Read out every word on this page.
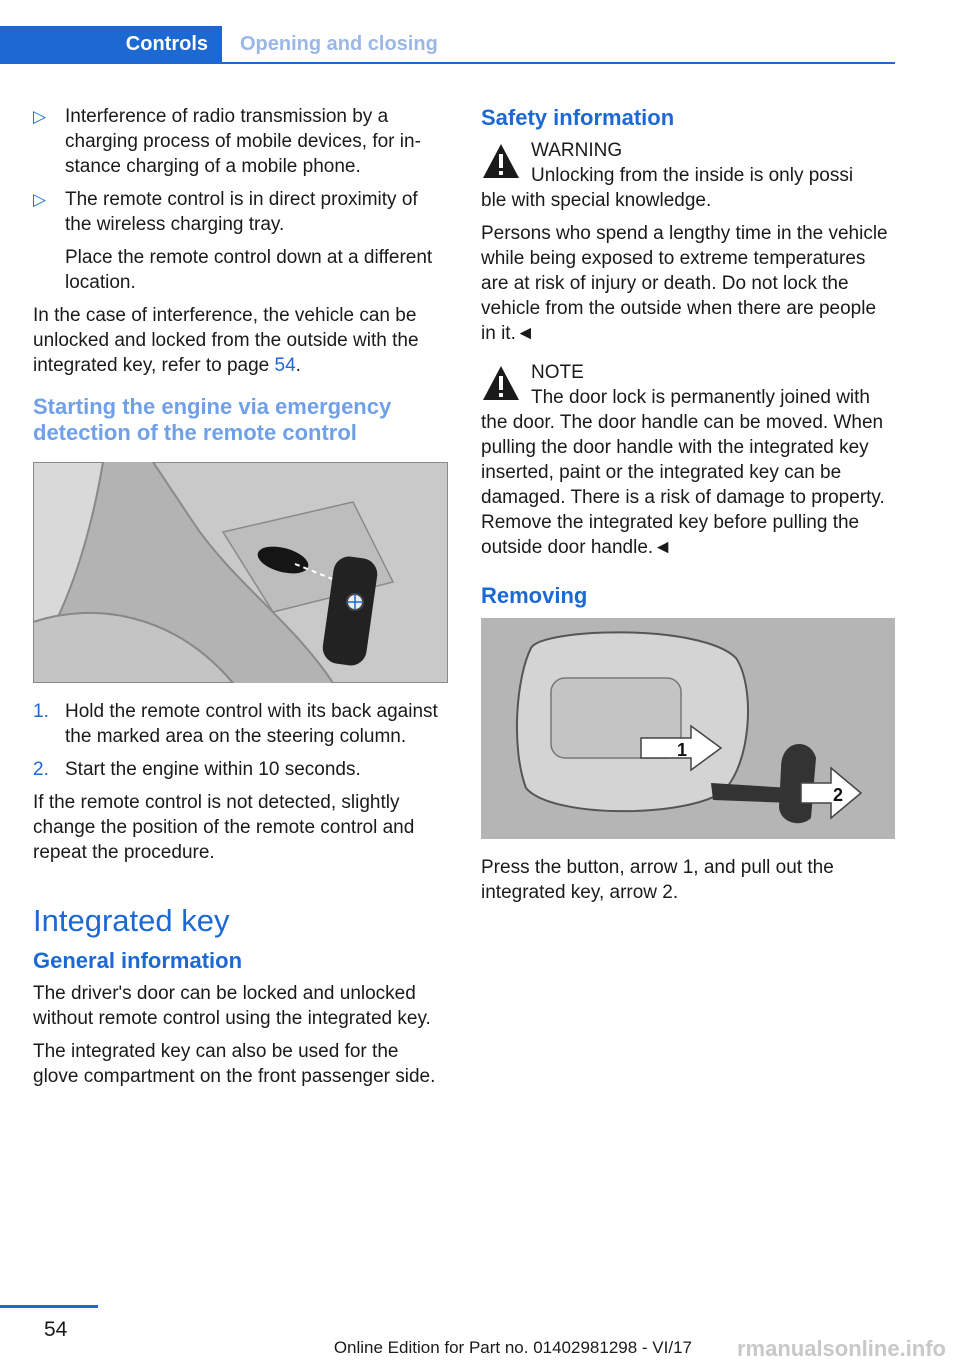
Controls	Opening and closing
▷ Interference of radio transmission by a charging process of mobile devices, for instance charging of a mobile phone.
▷ The remote control is in direct proximity of the wireless charging tray.
Place the remote control down at a different location.

In the case of interference, the vehicle can be unlocked and locked from the outside with the integrated key, refer to page 54.

Starting the engine via emergency detection of the remote control
1. Hold the remote control with its back against the marked area on the steering column.
2. Start the engine within 10 seconds.

If the remote control is not detected, slightly change the position of the remote control and repeat the procedure.

Integrated key
General information

The driver's door can be locked and unlocked without remote control using the integrated key.

The integrated key can also be used for the glove compartment on the front passenger side.

Safety information
WARNING
Unlocking from the inside is only possi

ble with special knowledge.

Persons who spend a lengthy time in the vehicle while being exposed to extreme temperatures are at risk of injury or death. Do not lock the vehicle from the outside when there are people in it.◄

NOTE
The door lock is permanently joined with

the door. The door handle can be moved. When pulling the door handle with the integrated key inserted, paint or the integrated key can be damaged. There is a risk of damage to property. Remove the integrated key before pulling the outside door handle.◄

Removing
1
2

Press the button, arrow 1, and pull out the integrated key, arrow 2.

54
Online Edition for Part no. 01402981298 - VI/17 rmanualsonline.info
